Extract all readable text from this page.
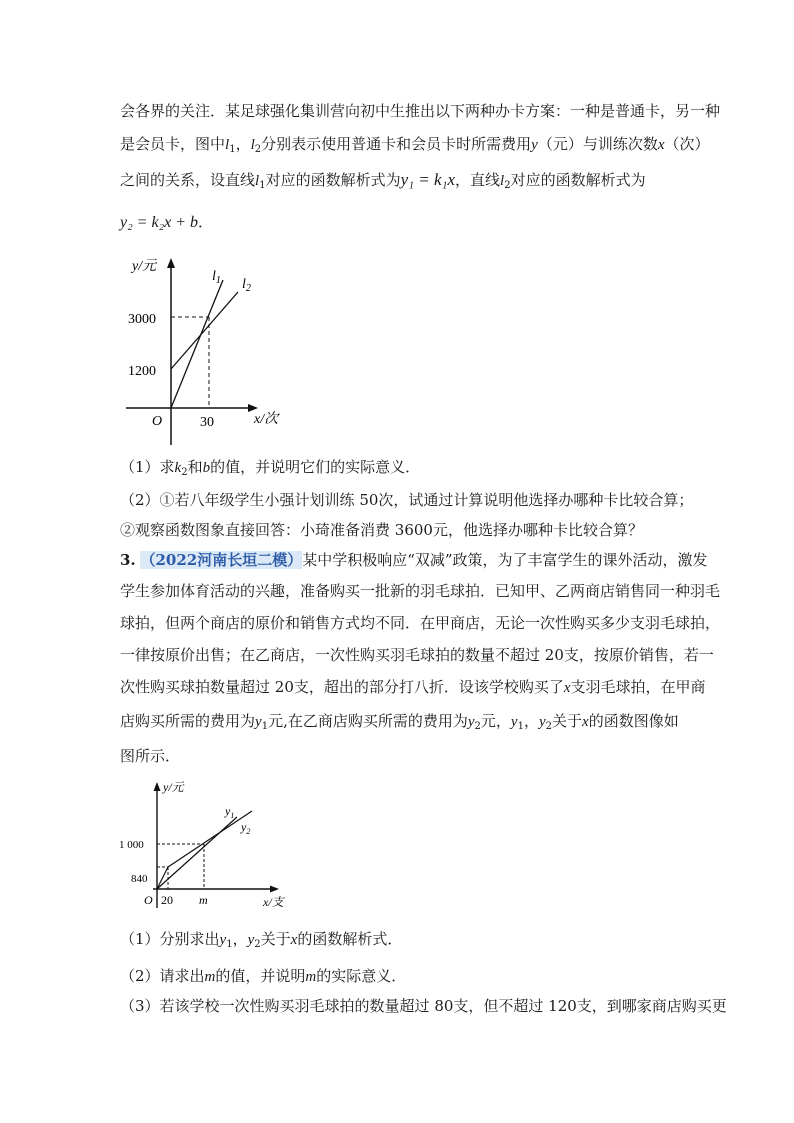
会各界的关注．某足球强化集训营向初中生推出以下两种办卡方案：一种是普通卡，另一种
是会员卡，图中$l_1$，$l_2$分别表示使用普通卡和会员卡时所需费用y（元）与训练次数x（次）
之间的关系，设直线$l_1$对应的函数解析式为y₁ = k₁x，直线$l_2$对应的函数解析式为
y₂ = k₂x + b．
y/元
x/次
O
3000
1200
30
$l_1$ $l_2$
（1）求$k_2$和b的值，并说明它们的实际意义．
（2）①若八年级学生小强计划训练 50次，试通过计算说明他选择办哪种卡比较合算；
②观察函数图象直接回答：小琦准备消费 3600元，他选择办哪种卡比较合算？
3. （2022河南长垣二模）某中学积极响应“双减”政策，为了丰富学生的课外活动，激发
学生参加体育活动的兴趣，准备购买一批新的羽毛球拍．已知甲、乙两商店销售同一种羽毛
球拍，但两个商店的原价和销售方式均不同．在甲商店，无论一次性购买多少支羽毛球拍，
一律按原价出售；在乙商店，一次性购买羽毛球拍的数量不超过 20支，按原价销售，若一
次性购买球拍数量超过 20支，超出的部分打八折．设该学校购买了x支羽毛球拍，在甲商
店购买所需的费用为$y_1$元,在乙商店购买所需的费用为$y_2$元，$y_1$，$y_2$关于x的函数图像如
图所示．
y/元
x/支
O
1 000
840
20 m
$y_1$
$y_2$
（1）分别求出$y_1$，$y_2$关于x的函数解析式．
（2）请求出m的值，并说明m的实际意义．
（3）若该学校一次性购买羽毛球拍的数量超过 80支，但不超过 120支，到哪家商店购买更
